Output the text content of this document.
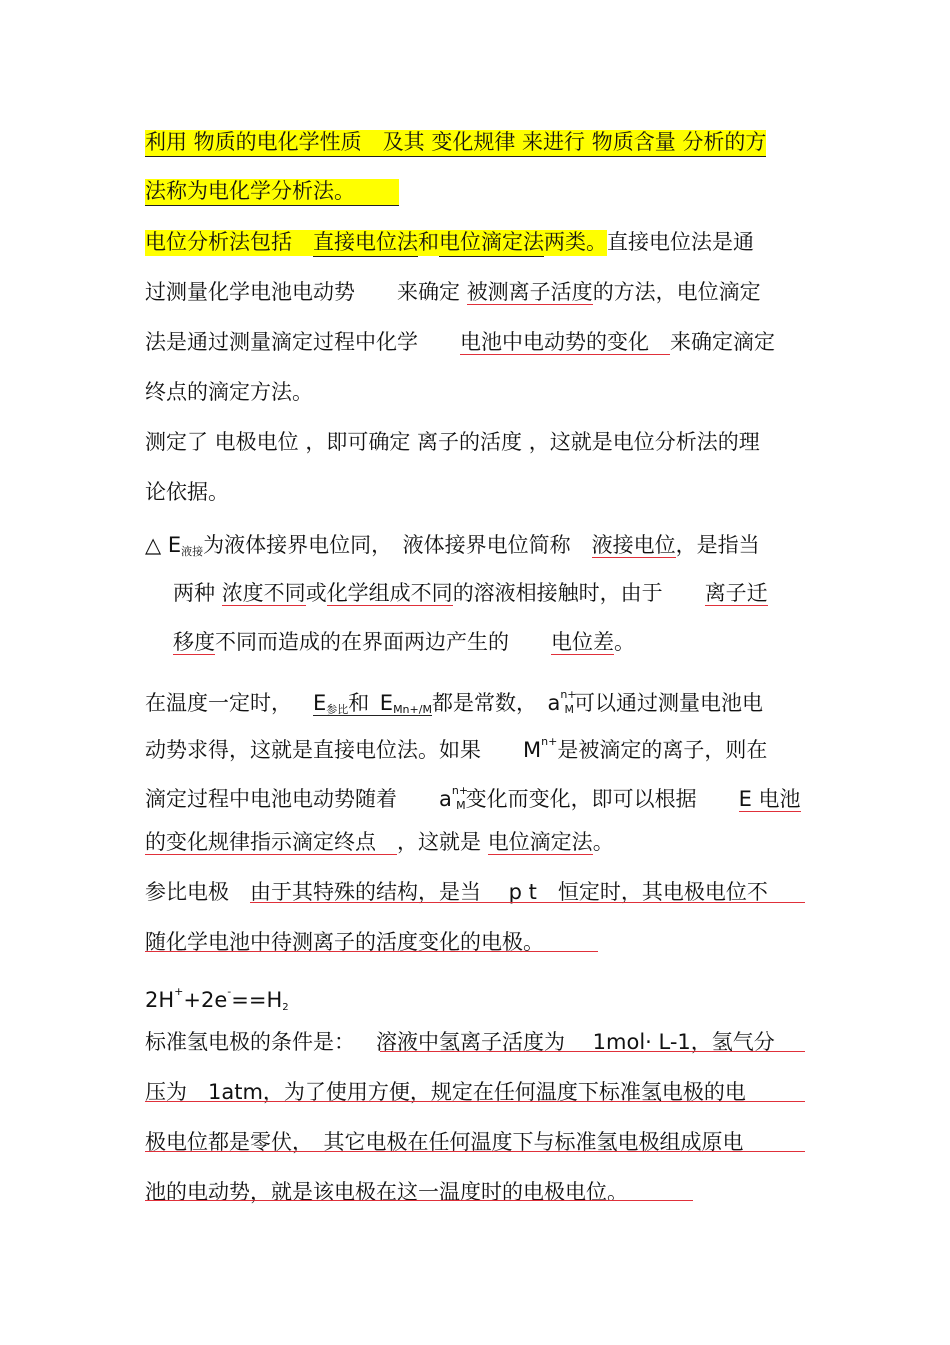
利用 物质的电化学性质　及其 变化规律 来进行 物质含量 分析的方
法称为电化学分析法。
电位分析法包括  直接电位法和电位滴定法两类。直接电位法是通
过测量化学电池电动势　　来确定 被测离子活度的方法，电位滴定
法是通过测量滴定过程中化学　　电池中电动势的变化　来确定滴定
终点的滴定方法。
测定了 电极电位 ，即可确定 离子的活度 ，这就是电位分析法的理
论依据。
△ $E_{液接}$为液体接界电位同，　液体接界电位简称  液接电位，是指当
两种 浓度不同或化学组成不同的溶液相接触时，由于   离子迁
移度不同而造成的在界面两边产生的   电位差。
在温度一定时，  $E_{参比}$和  $E_{Mn+/M}$都是常数，　$a^{n+}_M$可以通过测量电池电
动势求得，这就是直接电位法。如果　　$M^{n+}$是被滴定的离子，则在
滴定过程中电池电动势随着　　$a^{n+}_M$变化而变化，即可以根据   E 电池
的变化规律指示滴定终点　，这就是 电位滴定法。
参比电极  由于其特殊的结构，是当　 p t　恒定时，其电极电位不
随化学电池中待测离子的活度变化的电极。
$2H^++2e^-==H_2$
标准氢电极的条件是：  溶液中氢离子活度为　 1mol· L-1，氢气分
压为　1atm，为了使用方便，规定在任何温度下标准氢电极的电
极电位都是零伏，　其它电极在任何温度下与标准氢电极组成原电
池的电动势，就是该电极在这一温度时的电极电位。
